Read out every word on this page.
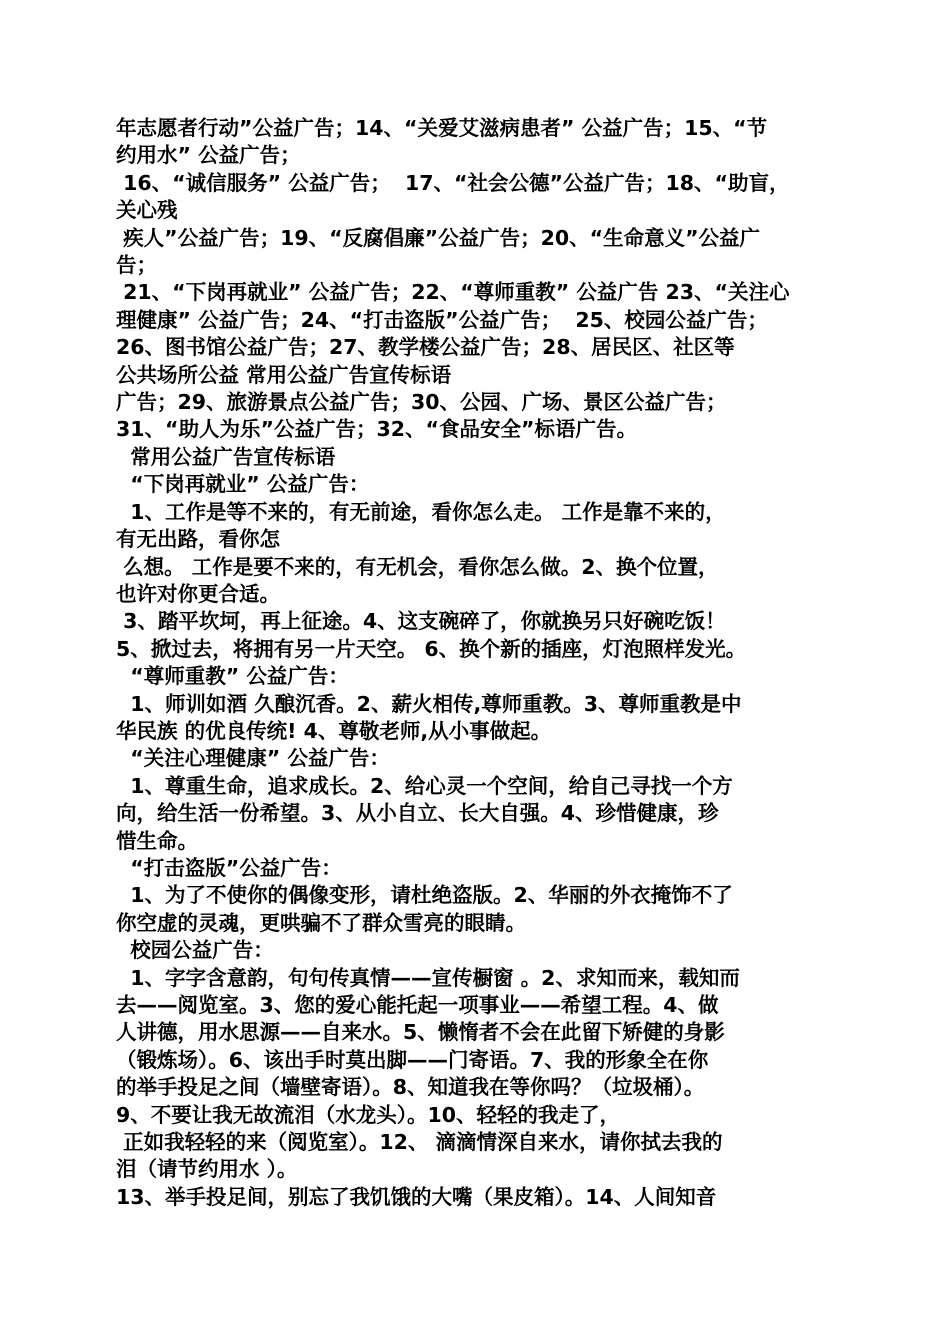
年志愿者行动”公益广告；14、“关爱艾滋病患者” 公益广告；15、“节
约用水” 公益广告；
16、“诚信服务” 公益广告；  17、“社会公德”公益广告；18、“助盲，
关心残
疾人”公益广告；19、“反腐倡廉”公益广告；20、“生命意义”公益广
告；
21、“下岗再就业” 公益广告；22、“尊师重教” 公益广告 23、“关注心
理健康” 公益广告；24、“打击盗版”公益广告；  25、校园公益广告；
26、图书馆公益广告；27、教学楼公益广告；28、居民区、社区等
公共场所公益 常用公益广告宣传标语
广告；29、旅游景点公益广告；30、公园、广场、景区公益广告；
31、“助人为乐”公益广告；32、“食品安全”标语广告。
常用公益广告宣传标语
“下岗再就业” 公益广告：
1、工作是等不来的，有无前途，看你怎么走。 工作是靠不来的，
有无出路，看你怎
么想。 工作是要不来的，有无机会，看你怎么做。2、换个位置，
也许对你更合适。
3、踏平坎坷，再上征途。4、这支碗碎了，你就换另只好碗吃饭！
5、掀过去，将拥有另一片天空。 6、换个新的插座，灯泡照样发光。
“尊师重教” 公益广告：
1、师训如酒 久酿沉香。2、薪火相传,尊师重教。3、尊师重教是中
华民族 的优良传统! 4、尊敬老师,从小事做起。
“关注心理健康” 公益广告：
1、尊重生命，追求成长。2、给心灵一个空间，给自己寻找一个方
向，给生活一份希望。3、从小自立、长大自强。4、珍惜健康，珍
惜生命。
“打击盗版”公益广告：
1、为了不使你的偶像变形，请杜绝盗版。2、华丽的外衣掩饰不了
你空虚的灵魂，更哄骗不了群众雪亮的眼睛。
校园公益广告：
1、字字含意韵，句句传真情——宣传橱窗 。2、求知而来，载知而
去——阅览室。3、您的爱心能托起一项事业——希望工程。4、做
人讲德，用水思源——自来水。5、懒惰者不会在此留下矫健的身影
（锻炼场）。6、该出手时莫出脚——门寄语。7、我的形象全在你
的举手投足之间（墙壁寄语）。8、知道我在等你吗？（垃圾桶）。
9、不要让我无故流泪（水龙头）。10、轻轻的我走了，
正如我轻轻的来（阅览室）。12、 滴滴情深自来水，请你拭去我的
泪（请节约用水 ）。
13、举手投足间，别忘了我饥饿的大嘴（果皮箱）。14、人间知音
